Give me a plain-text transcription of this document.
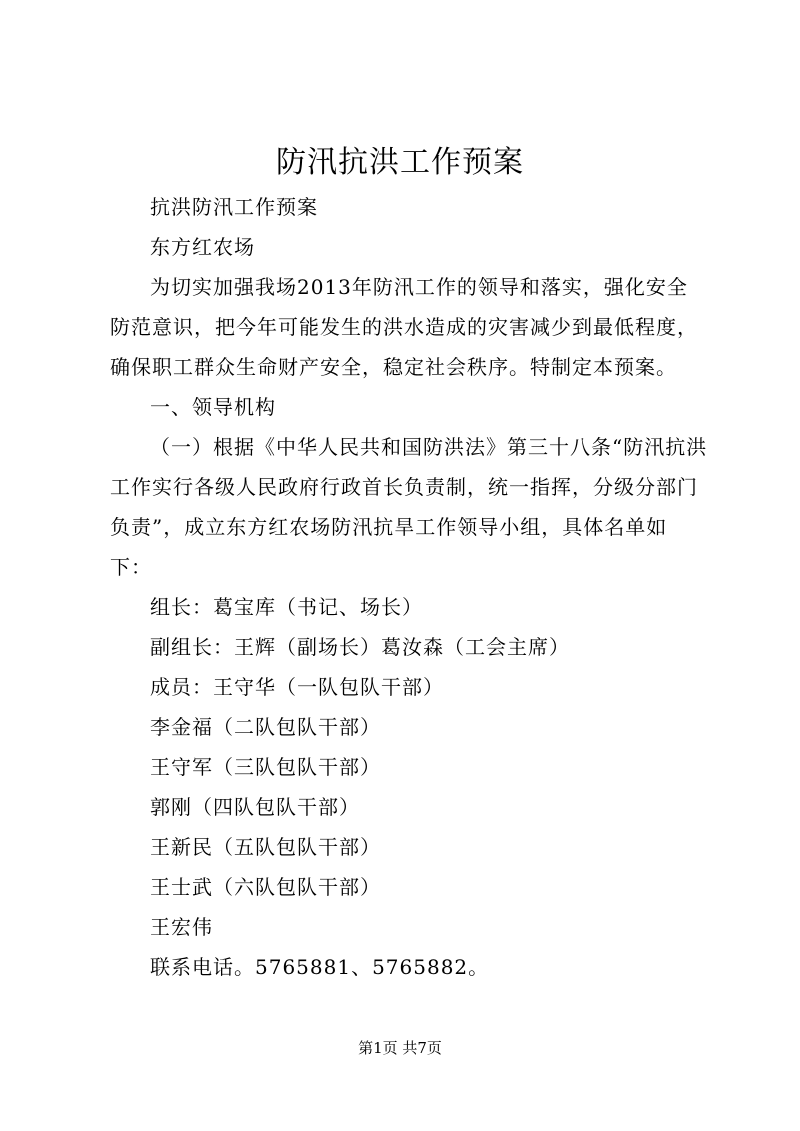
防汛抗洪工作预案

抗洪防汛工作预案

东方红农场

为切实加强我场2013年防汛工作的领导和落实，强化安全防范意识，把今年可能发生的洪水造成的灾害减少到最低程度，确保职工群众生命财产安全，稳定社会秩序。特制定本预案。

一、领导机构

（一）根据《中华人民共和国防洪法》第三十八条“防汛抗洪工作实行各级人民政府行政首长负责制，统一指挥，分级分部门负责”，成立东方红农场防汛抗旱工作领导小组，具体名单如下：

组长：葛宝库（书记、场长）

副组长：王辉（副场长）葛汝森（工会主席）

成员：王守华（一队包队干部）

李金福（二队包队干部）

王守军（三队包队干部）

郭刚（四队包队干部）

王新民（五队包队干部）

王士武（六队包队干部）

王宏伟

联系电话。5765881、5765882。

第1页 共7页
